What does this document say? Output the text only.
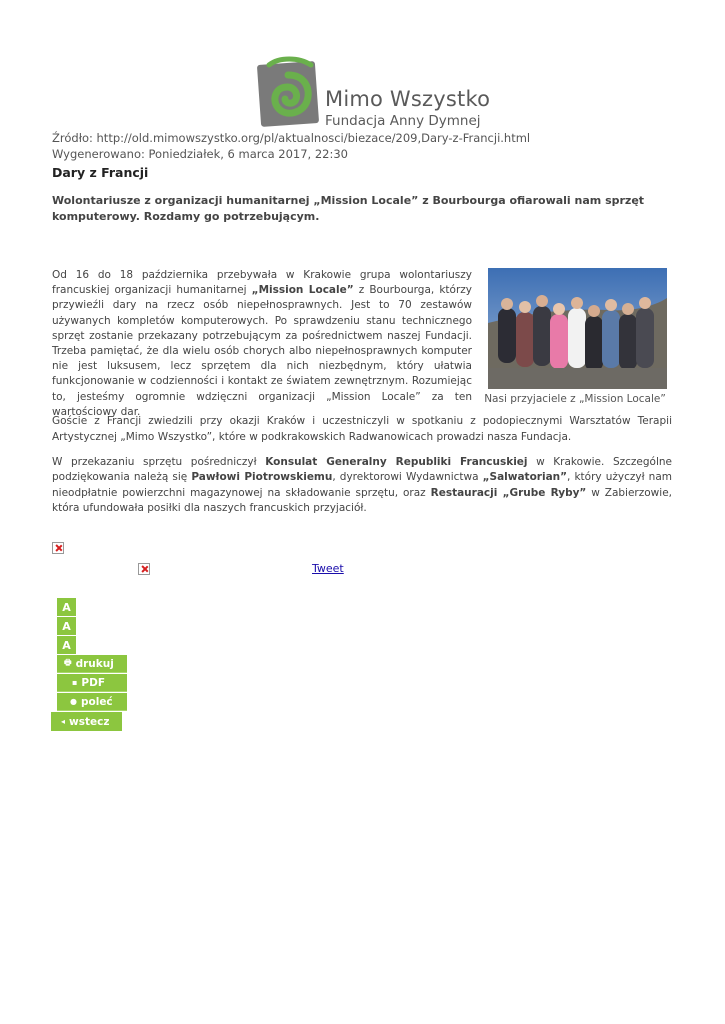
Mimo Wszystko
Fundacja Anny Dymnej
Źródło: http://old.mimowszystko.org/pl/aktualnosci/biezace/209,Dary-z-Francji.html
Wygenerowano: Poniedziałek, 6 marca 2017, 22:30
Dary z Francji

Wolontariusze z organizacji humanitarnej „Mission Locale” z Bourbourga ofiarowali nam sprzęt komputerowy. Rozdamy go potrzebującym.

Nasi przyjaciele z „Mission Locale”

Od 16 do 18 października przebywała w Krakowie grupa wolontariuszy francuskiej organizacji humanitarnej „Mission Locale” z Bourbourga, którzy przywieźli dary na rzecz osób niepełnosprawnych. Jest to 70 zestawów używanych kompletów komputerowych. Po sprawdzeniu stanu technicznego sprzęt zostanie przekazany potrzebującym za pośrednictwem naszej Fundacji. Trzeba pamiętać, że dla wielu osób chorych albo niepełnosprawnych komputer nie jest luksusem, lecz sprzętem dla nich niezbędnym, który ułatwia funkcjonowanie w codzienności i kontakt ze światem zewnętrznym. Rozumiejąc to, jesteśmy ogromnie wdzięczni organizacji „Mission Locale” za ten wartościowy dar.

Goście z Francji zwiedzili przy okazji Kraków i uczestniczyli w spotkaniu z podopiecznymi Warsztatów Terapii Artystycznej „Mimo Wszystko”, które w podkrakowskich Radwanowicach prowadzi nasza Fundacja.

W przekazaniu sprzętu pośredniczył Konsulat Generalny Republiki Francuskiej w Krakowie. Szczególne podziękowania należą się Pawłowi Piotrowskiemu, dyrektorowi Wydawnictwa „Salwatorian”, który użyczył nam nieodpłatnie powierzchni magazynowej na składowanie sprzętu, oraz Restauracji „Grube Ryby” w Zabierzowie, która ufundowała posiłki dla naszych francuskich przyjaciół.

Tweet
A
A
A
🖶 drukuj
▪ PDF
● poleć
◂ wstecz
